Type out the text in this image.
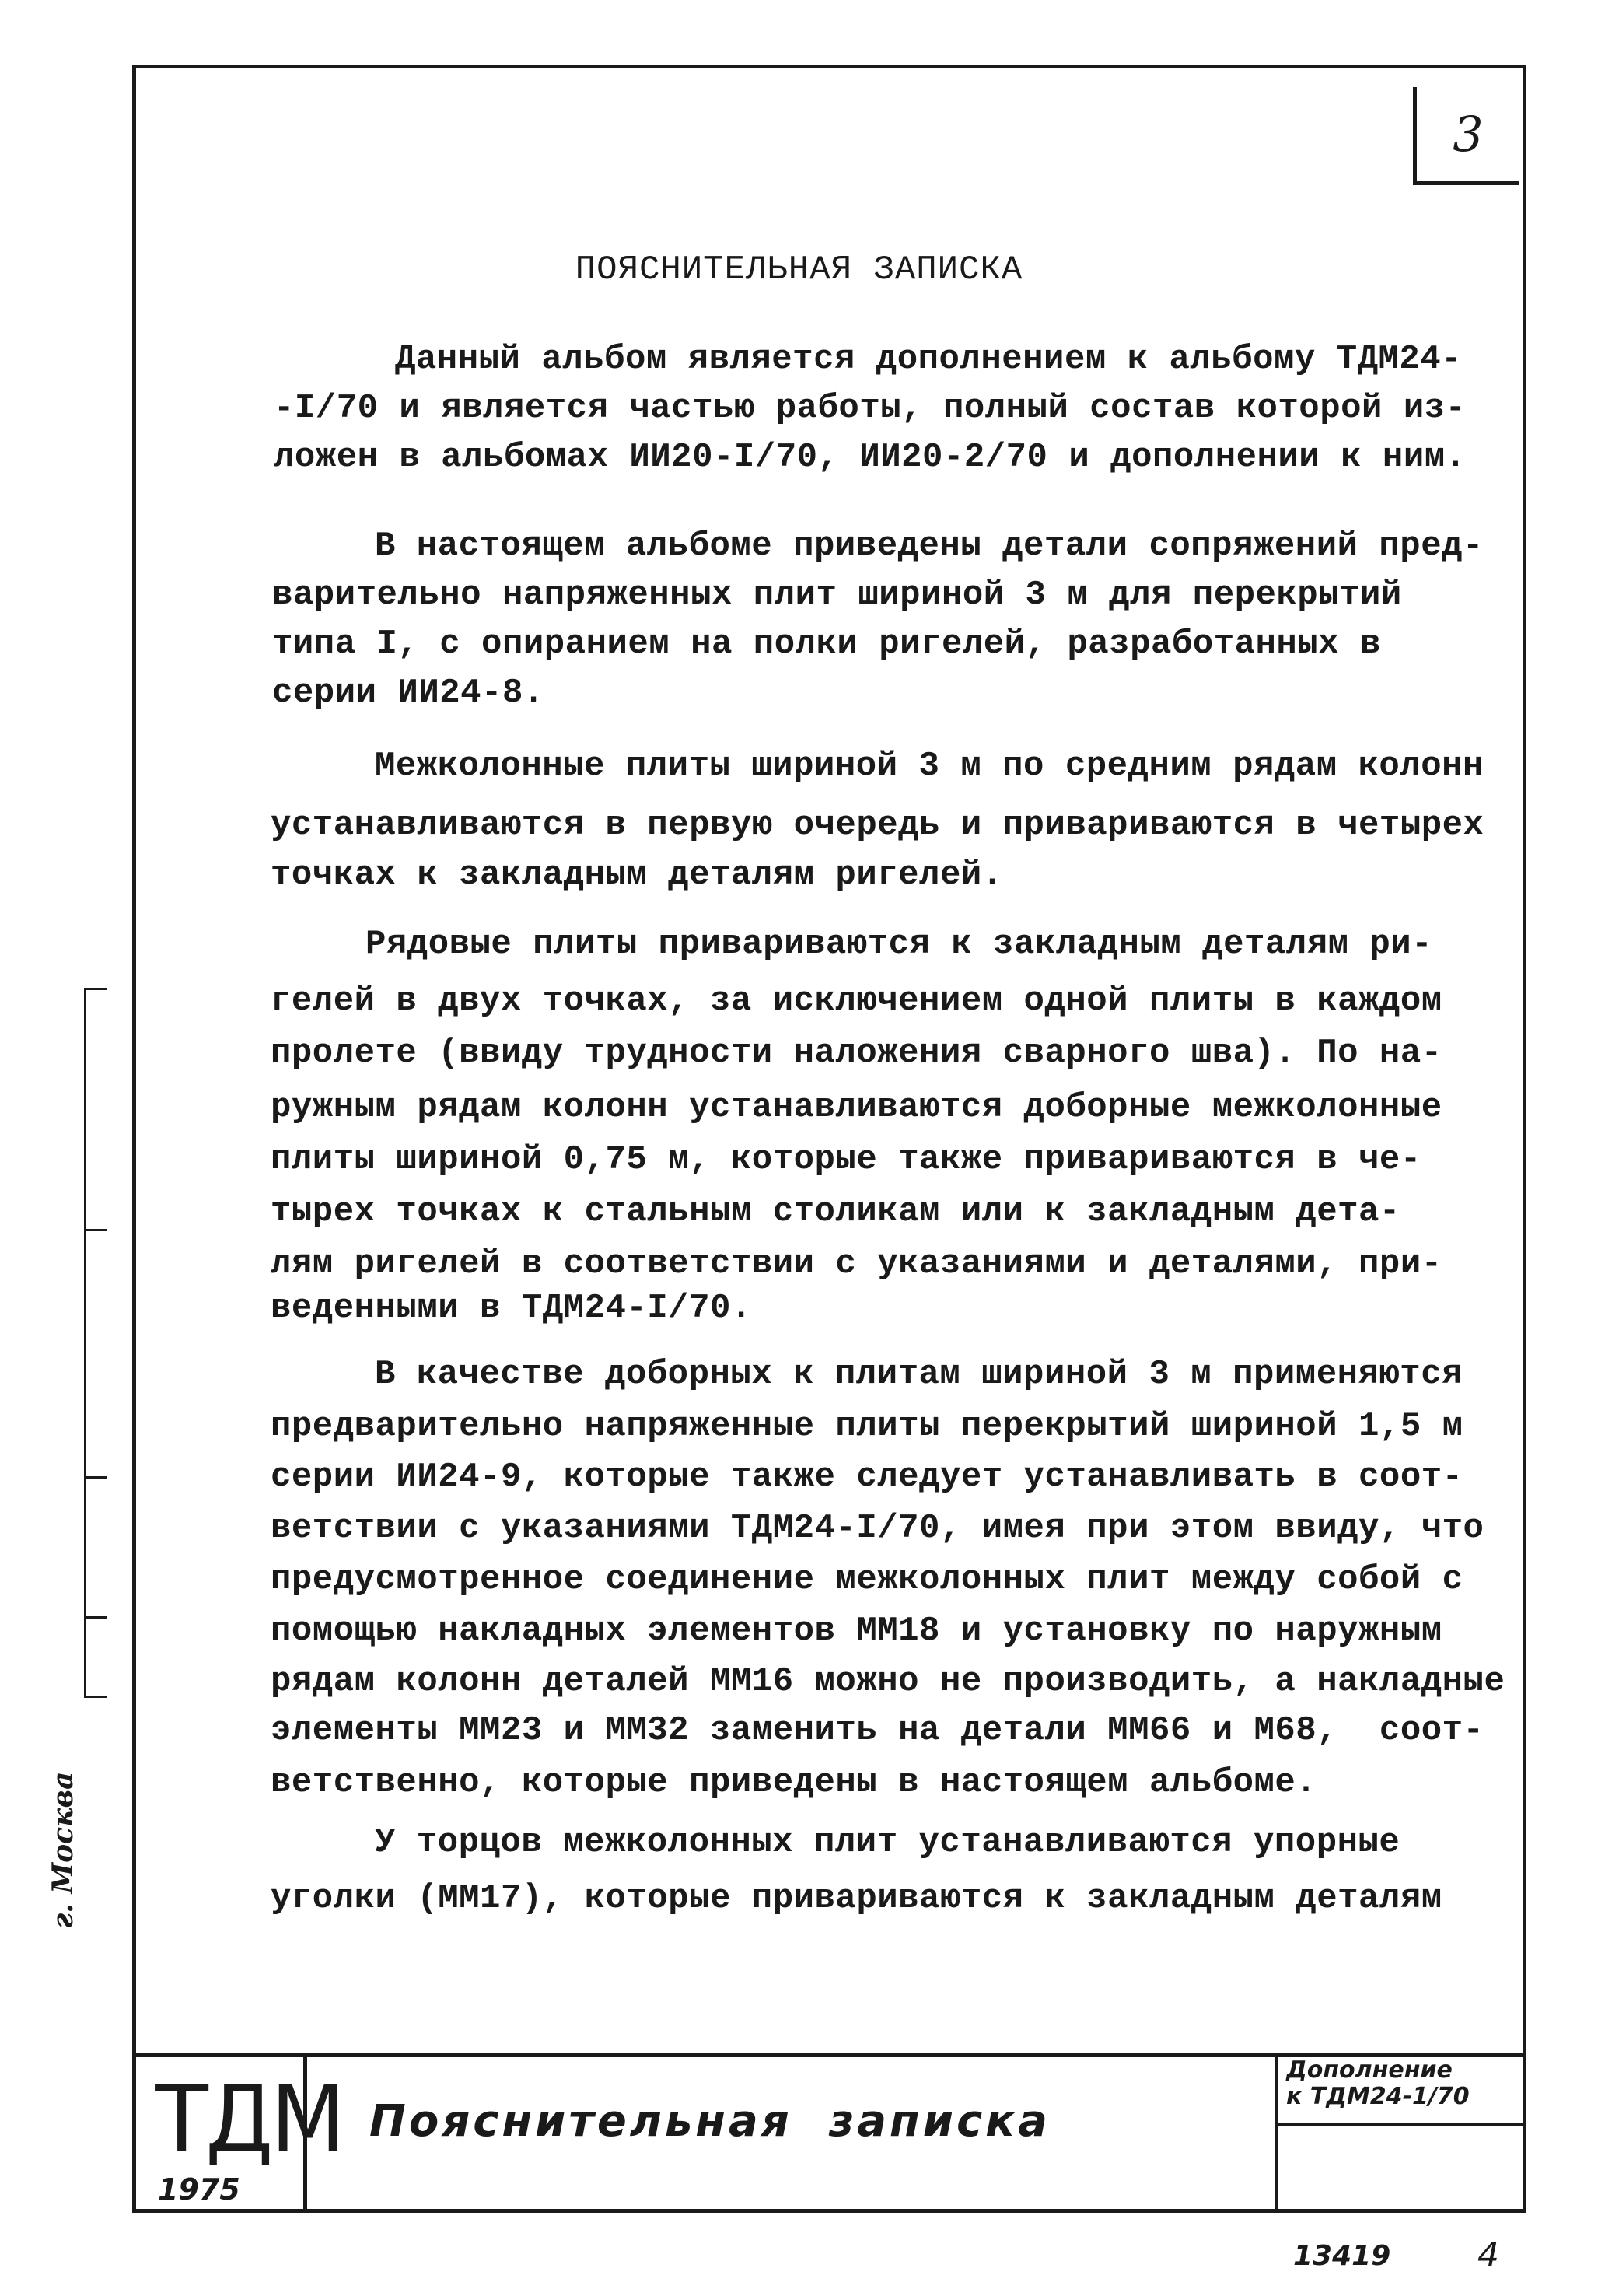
3
ПОЯСНИТЕЛЬНАЯ ЗАПИСКА
Данный альбом является дополнением к альбому ТДМ24-
-I/70 и является частью работы, полный состав которой из-
ложен в альбомах ИИ20-I/70, ИИ20-2/70 и дополнении к ним.
В настоящем альбоме приведены детали сопряжений пред-
варительно напряженных плит шириной 3 м для перекрытий
типа I, с опиранием на полки ригелей, разработанных в
серии ИИ24-8.
Межколонные плиты шириной 3 м по средним рядам колонн
устанавливаются в первую очередь и привариваются в четырех
точках к закладным деталям ригелей.
Рядовые плиты привариваются к закладным деталям ри-
гелей в двух точках, за исключением одной плиты в каждом
пролете (ввиду трудности наложения сварного шва). По на-
ружным рядам колонн устанавливаются доборные межколонные
плиты шириной 0,75 м, которые также привариваются в че-
тырех точках к стальным столикам или к закладным дета-
лям ригелей в соответствии с указаниями и деталями, при-
веденными в ТДМ24-I/70.
В качестве доборных к плитам шириной 3 м применяются
предварительно напряженные плиты перекрытий шириной 1,5 м
серии ИИ24-9, которые также следует устанавливать в соот-
ветствии с указаниями ТДМ24-I/70, имея при этом ввиду, что
предусмотренное соединение межколонных плит между собой с
помощью накладных элементов ММ18 и установку по наружным
рядам колонн деталей ММ16 можно не производить, а накладные
элементы ММ23 и ММ32 заменить на детали ММ66 и М68,  соот-
ветственно, которые приведены в настоящем альбоме.
У торцов межколонных плит устанавливаются упорные
уголки (ММ17), которые привариваются к закладным деталям
г. Москва
ТДМ
1975
Пояснительная  записка
Дополнение
к ТДМ24-1/70
13419	4
